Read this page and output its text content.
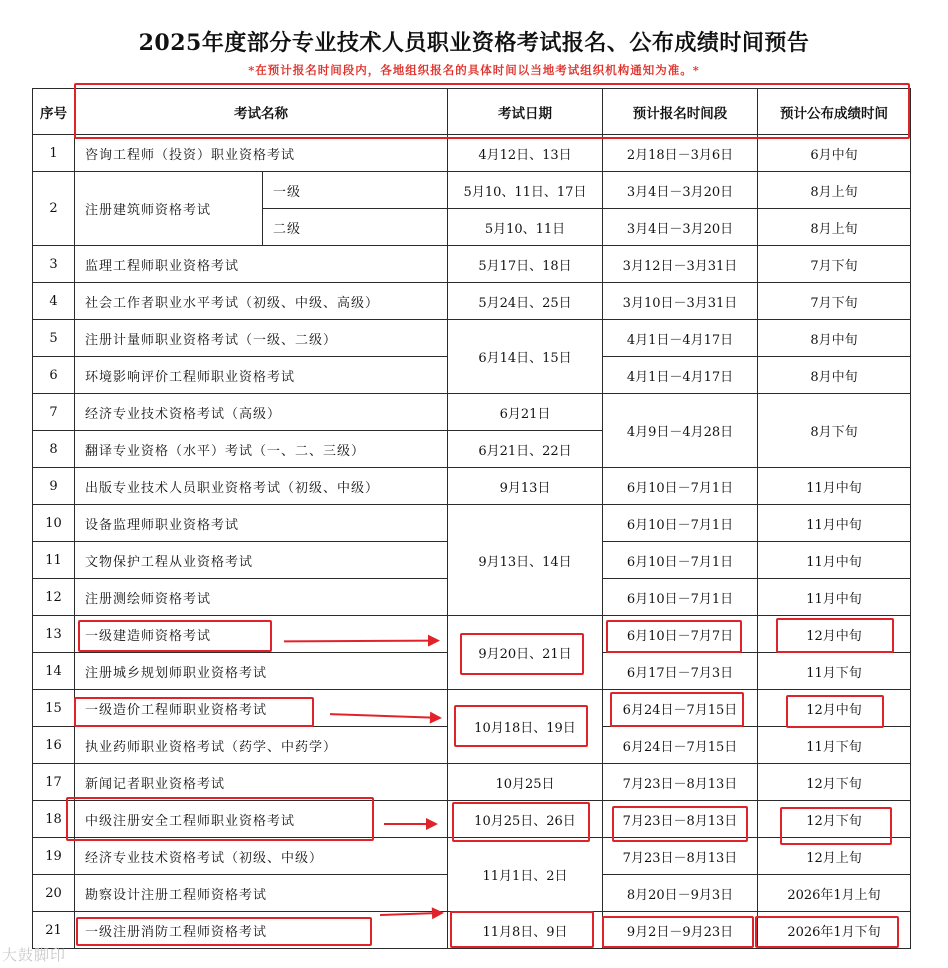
2025年度部分专业技术人员职业资格考试报名、公布成绩时间预告
*在预计报名时间段内，各地组织报名的具体时间以当地考试组织机构通知为准。*
序号	考试名称		考试日期	预计报名时间段	预计公布成绩时间
1	咨询工程师（投资）职业资格考试		4月12日、13日	2月18日－3月6日	6月中旬
2	注册建筑师资格考试	一级	5月10、11日、17日	3月4日－3月20日	8月上旬
		二级	5月10、11日	3月4日－3月20日	8月上旬
3	监理工程师职业资格考试		5月17日、18日	3月12日－3月31日	7月下旬
4	社会工作者职业水平考试（初级、中级、高级）		5月24日、25日	3月10日－3月31日	7月下旬
5	注册计量师职业资格考试（一级、二级）		6月14日、15日	4月1日－4月17日	8月中旬
6	环境影响评价工程师职业资格考试			4月1日－4月17日	8月中旬
7	经济专业技术资格考试（高级）		6月21日	4月9日－4月28日	8月下旬
8	翻译专业资格（水平）考试（一、二、三级）		6月21日、22日		
9	出版专业技术人员职业资格考试（初级、中级）		9月13日	6月10日－7月1日	11月中旬
10	设备监理师职业资格考试		9月13日、14日	6月10日－7月1日	11月中旬
11	文物保护工程从业资格考试			6月10日－7月1日	11月中旬
12	注册测绘师资格考试			6月10日－7月1日	11月中旬
13	一级建造师资格考试		9月20日、21日	6月10日－7月7日	12月中旬
14	注册城乡规划师职业资格考试			6月17日－7月3日	11月下旬
15	一级造价工程师职业资格考试		10月18日、19日	6月24日－7月15日	12月中旬
16	执业药师职业资格考试（药学、中药学）			6月24日－7月15日	11月下旬
17	新闻记者职业资格考试		10月25日	7月23日－8月13日	12月下旬
18	中级注册安全工程师职业资格考试		10月25日、26日	7月23日－8月13日	12月下旬
19	经济专业技术资格考试（初级、中级）		11月1日、2日	7月23日－8月13日	12月上旬
20	勘察设计注册工程师资格考试			8月20日－9月3日	2026年1月上旬
21	一级注册消防工程师资格考试		11月8日、9日	9月2日－9月23日	2026年1月下旬
大鼓脚印
